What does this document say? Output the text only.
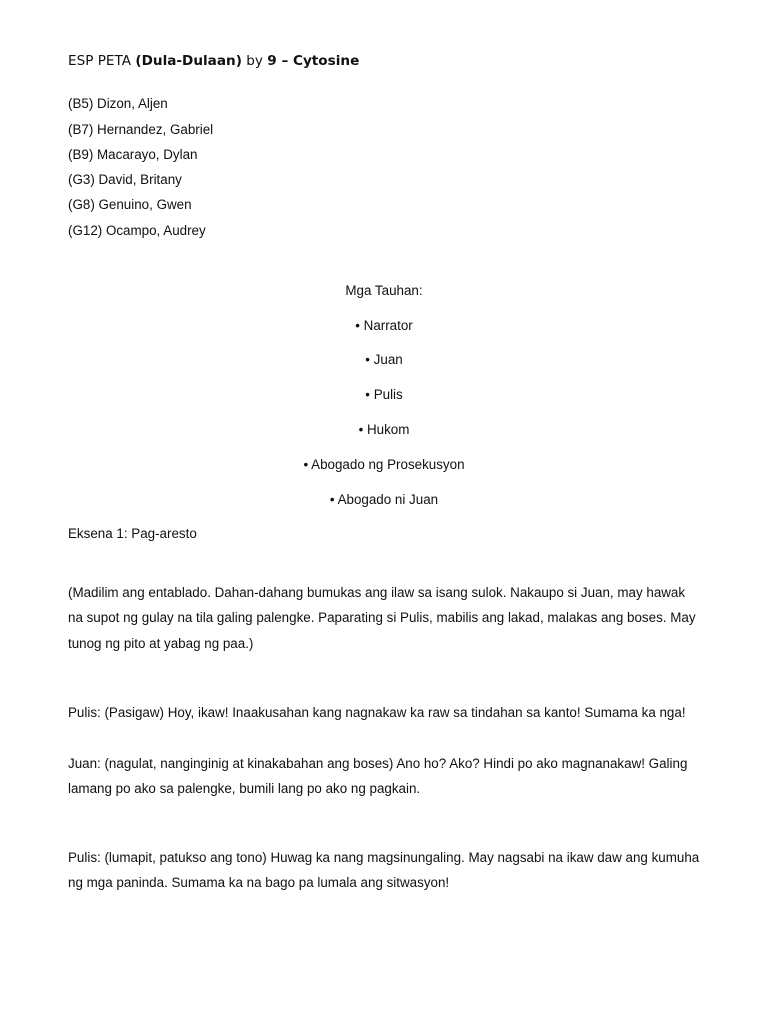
ESP PETA (Dula-Dulaan) by 9 – Cytosine
(B5) Dizon, Aljen
(B7) Hernandez, Gabriel
(B9) Macarayo, Dylan
(G3) David, Britany
(G8) Genuino, Gwen
(G12) Ocampo, Audrey
Mga Tauhan:
• Narrator
• Juan
• Pulis
• Hukom
• Abogado ng Prosekusyon
• Abogado ni Juan
Eksena 1: Pag-aresto
(Madilim ang entablado. Dahan-dahang bumukas ang ilaw sa isang sulok. Nakaupo si Juan, may hawak na supot ng gulay na tila galing palengke. Paparating si Pulis, mabilis ang lakad, malakas ang boses. May tunog ng pito at yabag ng paa.)
Pulis: (Pasigaw) Hoy, ikaw! Inaakusahan kang nagnakaw ka raw sa tindahan sa kanto! Sumama ka nga!
Juan: (nagulat, nanginginig at kinakabahan ang boses) Ano ho? Ako? Hindi po ako magnanakaw! Galing lamang po ako sa palengke, bumili lang po ako ng pagkain.
Pulis: (lumapit, patukso ang tono) Huwag ka nang magsinungaling. May nagsabi na ikaw daw ang kumuha ng mga paninda. Sumama ka na bago pa lumala ang sitwasyon!
